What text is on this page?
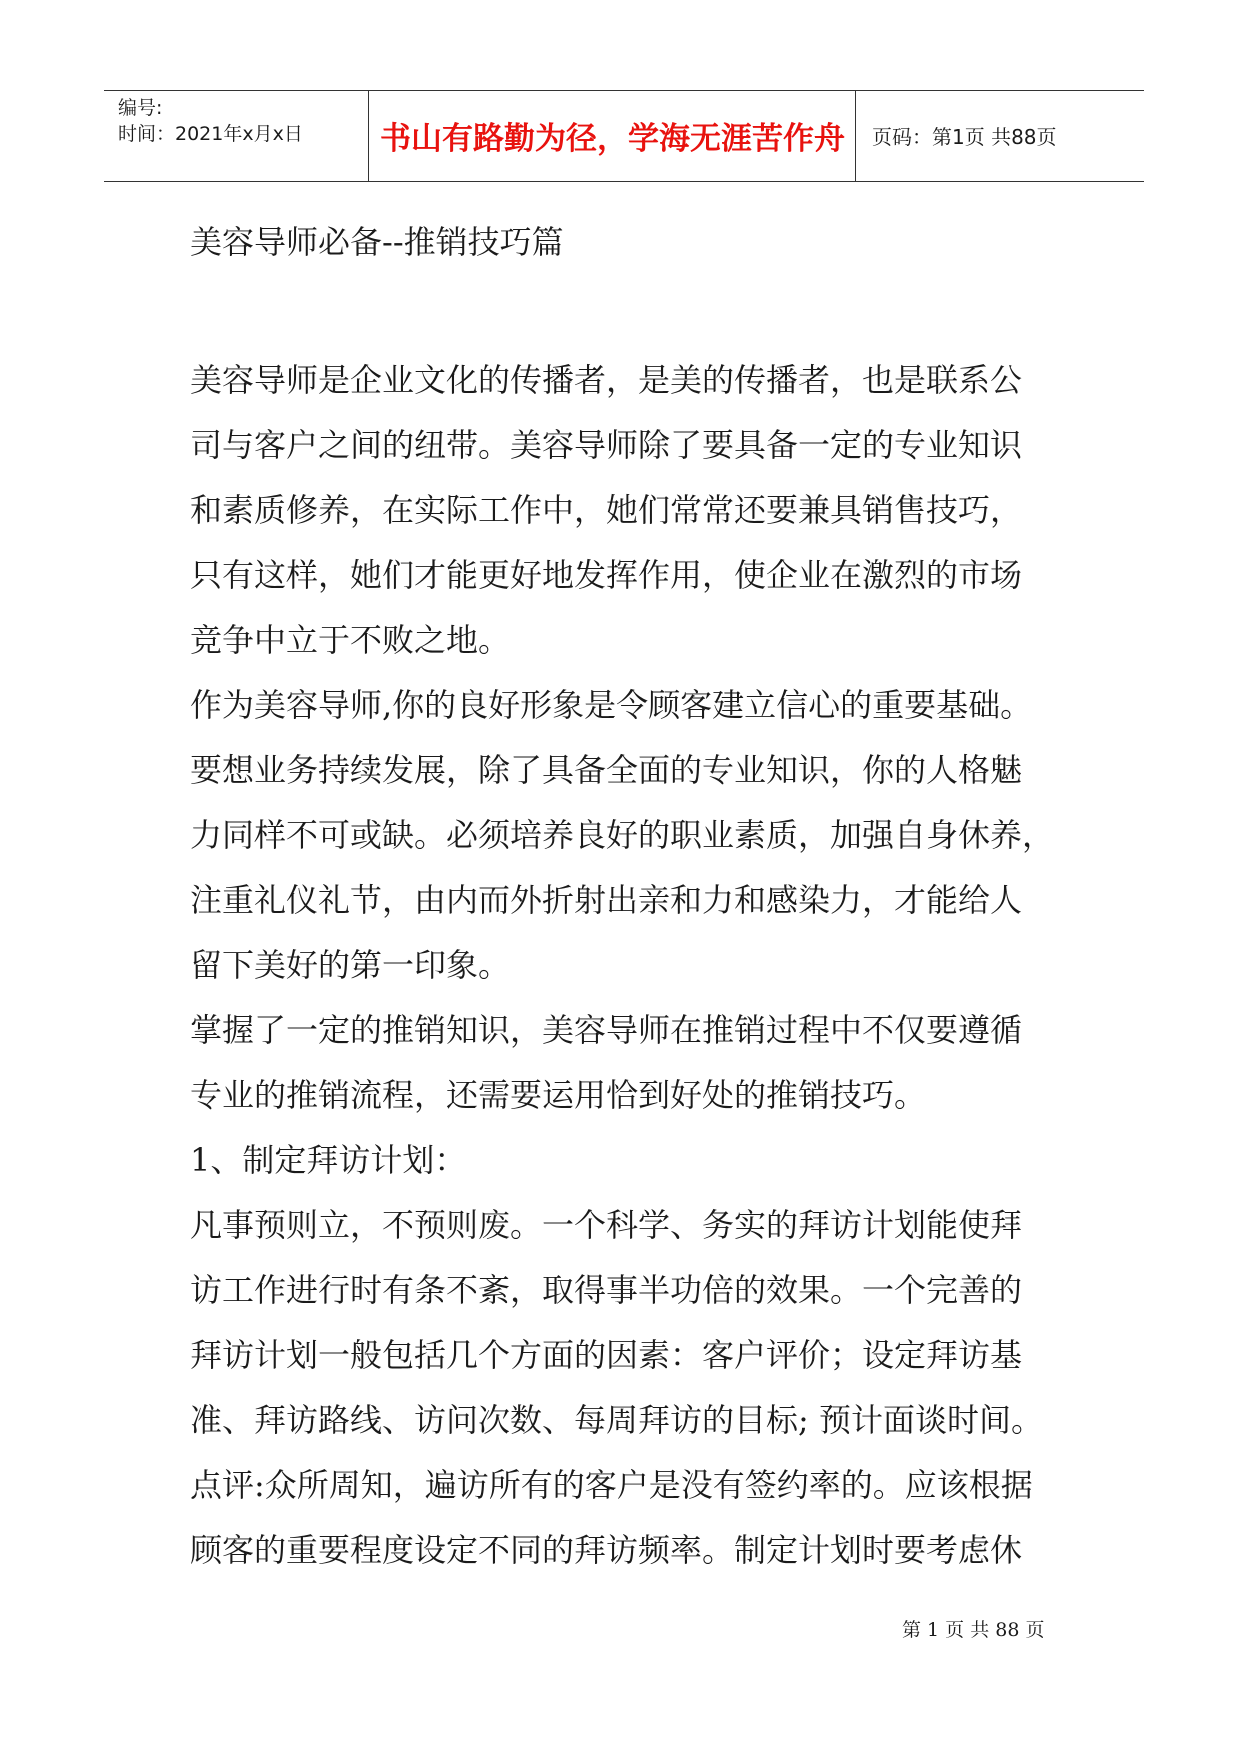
编号:
时间：2021年x月x日	书山有路勤为径，学海无涯苦作舟	页码：第1页 共88页
美容导师必备--推销技巧篇
美容导师是企业文化的传播者，是美的传播者，也是联系公
司与客户之间的纽带。美容导师除了要具备一定的专业知识
和素质修养，在实际工作中，她们常常还要兼具销售技巧，
只有这样，她们才能更好地发挥作用，使企业在激烈的市场
竞争中立于不败之地。
作为美容导师,你的良好形象是令顾客建立信心的重要基础。
要想业务持续发展，除了具备全面的专业知识，你的人格魅
力同样不可或缺。必须培养良好的职业素质，加强自身休养，
注重礼仪礼节，由内而外折射出亲和力和感染力，才能给人
留下美好的第一印象。
掌握了一定的推销知识，美容导师在推销过程中不仅要遵循
专业的推销流程，还需要运用恰到好处的推销技巧。
1、制定拜访计划：
凡事预则立，不预则废。一个科学、务实的拜访计划能使拜
访工作进行时有条不紊，取得事半功倍的效果。一个完善的
拜访计划一般包括几个方面的因素：客户评价；设定拜访基
准、拜访路线、访问次数、每周拜访的目标; 预计面谈时间。
点评:众所周知，遍访所有的客户是没有签约率的。应该根据
顾客的重要程度设定不同的拜访频率。制定计划时要考虑休
第 1 页 共 88 页
